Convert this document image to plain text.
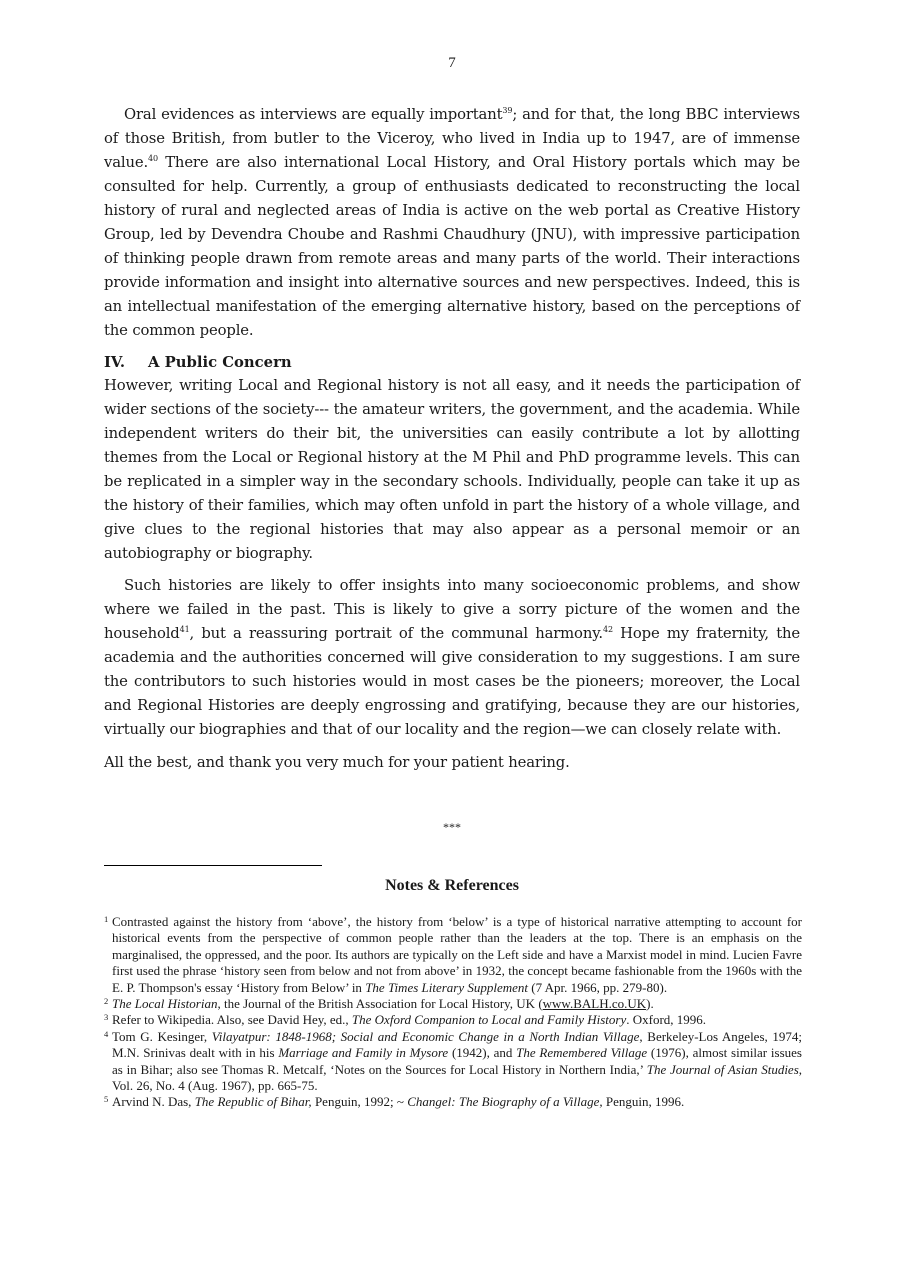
7

Oral evidences as interviews are equally important$^{39}$; and for that, the long BBC interviews of those British, from butler to the Viceroy, who lived in India up to 1947, are of immense value.$^{40}$ There are also international Local History, and Oral History portals which may be consulted for help. Currently, a group of enthusiasts dedicated to reconstructing the local history of rural and neglected areas of India is active on the web portal as Creative History Group, led by Devendra Choube and Rashmi Chaudhury (JNU), with impressive participation of thinking people drawn from remote areas and many parts of the world. Their interactions provide information and insight into alternative sources and new perspectives. Indeed, this is an intellectual manifestation of the emerging alternative history, based on the perceptions of the common people.

IV. A Public Concern

However, writing Local and Regional history is not all easy, and it needs the participation of wider sections of the society--- the amateur writers, the government, and the academia. While independent writers do their bit, the universities can easily contribute a lot by allotting themes from the Local or Regional history at the M Phil and PhD programme levels. This can be replicated in a simpler way in the secondary schools. Individually, people can take it up as the history of their families, which may often unfold in part the history of a whole village, and give clues to the regional histories that may also appear as a personal memoir or an autobiography or biography.

Such histories are likely to offer insights into many socioeconomic problems, and show where we failed in the past. This is likely to give a sorry picture of the women and the household$^{41}$, but a reassuring portrait of the communal harmony.$^{42}$ Hope my fraternity, the academia and the authorities concerned will give consideration to my suggestions. I am sure the contributors to such histories would in most cases be the pioneers; moreover, the Local and Regional Histories are deeply engrossing and gratifying, because they are our histories, virtually our biographies and that of our locality and the region—we can closely relate with.

All the best, and thank you very much for your patient hearing.

***
Notes & References

1 Contrasted against the history from ‘above’, the history from ‘below’ is a type of historical narrative attempting to account for historical events from the perspective of common people rather than the leaders at the top. There is an emphasis on the marginalised, the oppressed, and the poor. Its authors are typically on the Left side and have a Marxist model in mind. Lucien Favre first used the phrase ‘history seen from below and not from above’ in 1932, the concept became fashionable from the 1960s with the E. P. Thompson's essay ‘History from Below’ in The Times Literary Supplement (7 Apr. 1966, pp. 279-80).

2 The Local Historian, the Journal of the British Association for Local History, UK (www.BALH.co.UK).

3 Refer to Wikipedia. Also, see David Hey, ed., The Oxford Companion to Local and Family History. Oxford, 1996.

4 Tom G. Kesinger, Vilayatpur: 1848-1968; Social and Economic Change in a North Indian Village, Berkeley-Los Angeles, 1974; M.N. Srinivas dealt with in his Marriage and Family in Mysore (1942), and The Remembered Village (1976), almost similar issues as in Bihar; also see Thomas R. Metcalf, ‘Notes on the Sources for Local History in Northern India,’ The Journal of Asian Studies, Vol. 26, No. 4 (Aug. 1967), pp. 665-75.

5 Arvind N. Das, The Republic of Bihar, Penguin, 1992; ~ Changel: The Biography of a Village, Penguin, 1996.
